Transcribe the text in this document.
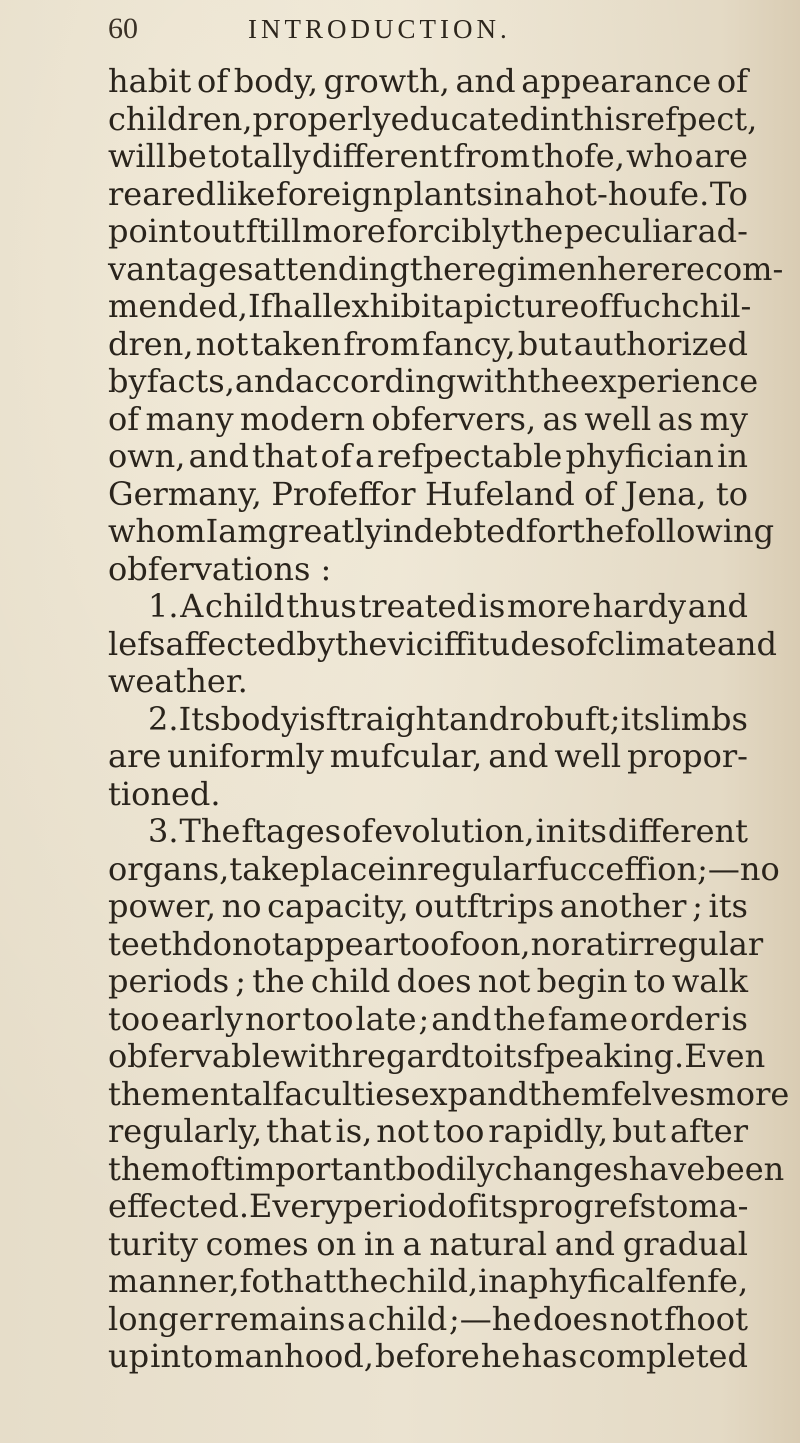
60	INTRODUCTION.
habit of body, growth, and appearance of
children, properly educated in this refpect,
will be totally different from thofe, who are
reared like foreign plants in a hot-houfe. To
point out ftill more forcibly the peculiar ad-
vantages attending the regimen here recom-
mended, I fhall exhibit a picture of fuch chil-
dren, not taken from fancy, but authorized
by facts, and according with the experience
of many modern obfervers, as well as my
own, and that of a refpectable phyfician in
Germany, Profeffor Hufeland of Jena, to
whom I am greatly indebted for the following
obfervations :
1. A child thus treated is more hardy and
lefs affected by the viciffitudes of climate and
weather.
2. Its body is ftraight and robuft ; its limbs
are uniformly mufcular, and well propor-
tioned.
3. The ftages of evolution, in its different
organs, take place in regular fucceffion ;—no
power, no capacity, outftrips another ; its
teeth do not appear too foon, nor at irregular
periods ; the child does not begin to walk
too early nor too late ; and the fame order is
obfervable with regard to its fpeaking. Even
the mental faculties expand themfelves more
regularly, that is, not too rapidly, but after
the moft important bodily changes have been
effected. Every period of its progrefs to ma-
turity comes on in a natural and gradual
manner, fo that the child, in a phyfical fenfe,
longer remains a child ;—he does not fhoot
up into manhood, before he has completed
